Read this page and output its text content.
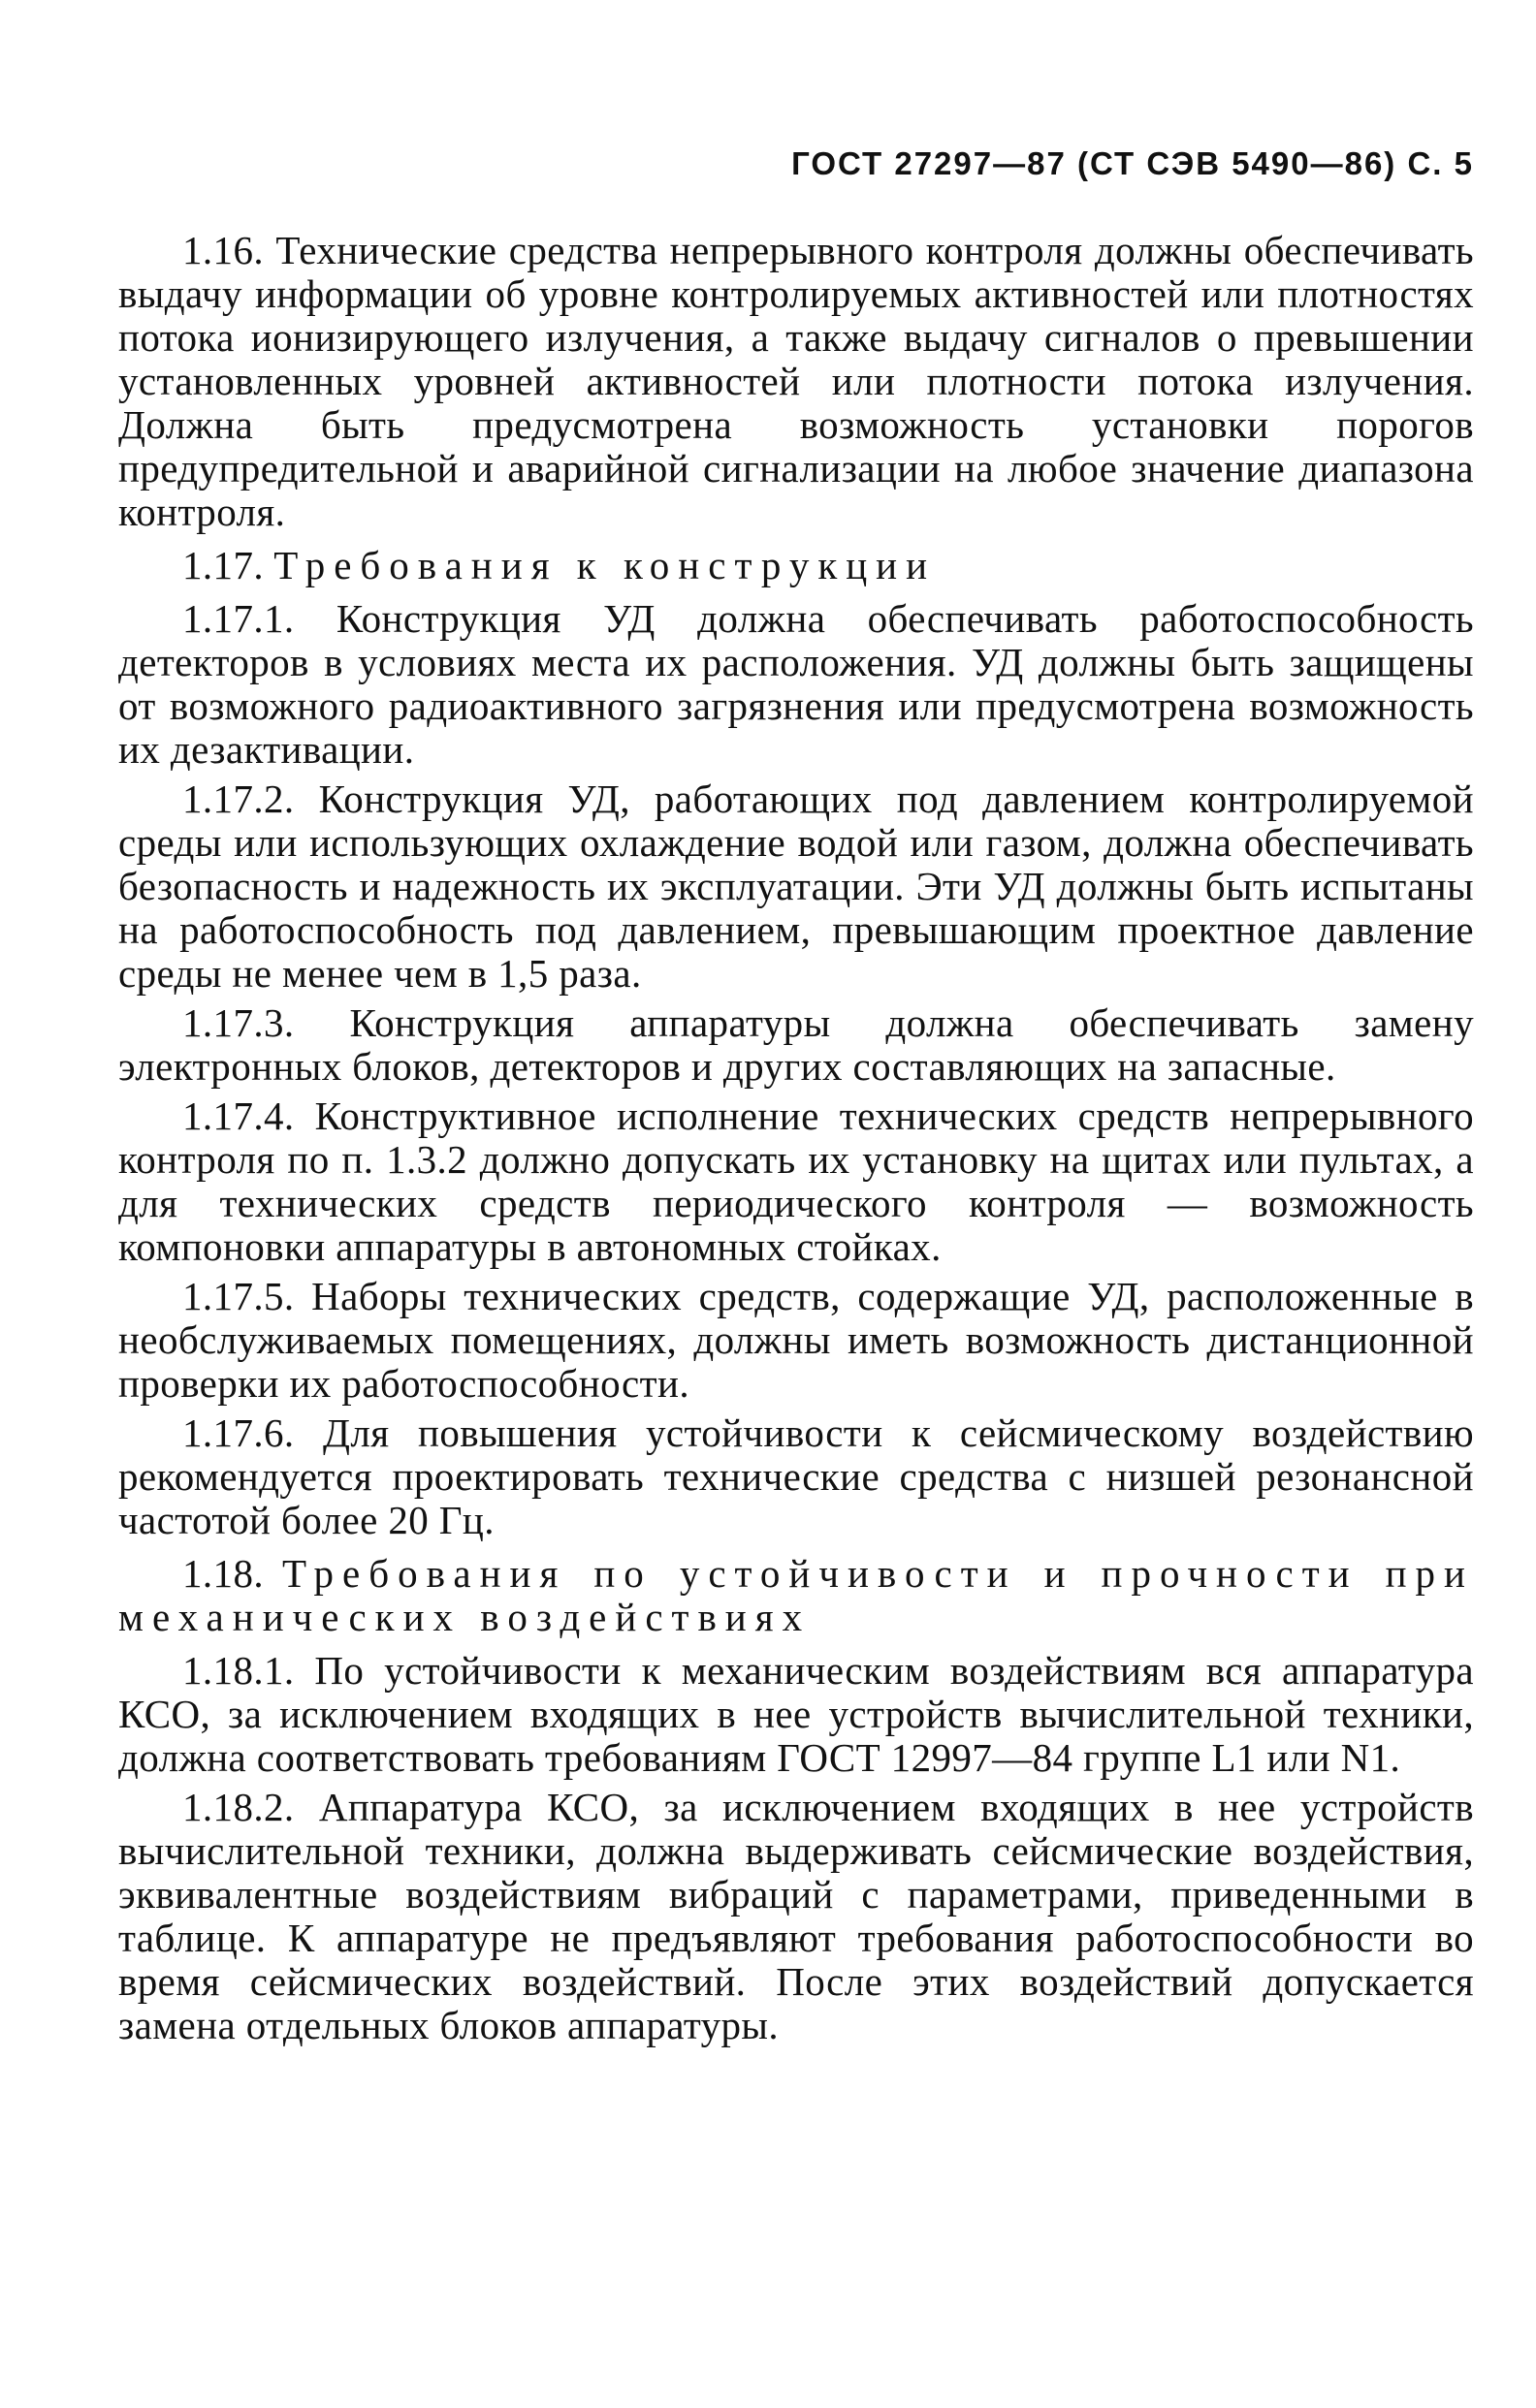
ГОСТ 27297—87 (СТ СЭВ 5490—86) С. 5

1.16. Технические средства непрерывного контроля должны обеспечивать выдачу информации об уровне контролируемых активностей или плотностях потока ионизирующего излучения, а также выдачу сигналов о превышении установленных уровней активностей или плотности потока излучения. Должна быть предусмотрена возможность установки порогов предупредительной и аварийной сигнализации на любое значение диапазона контроля.

1.17. Требования к конструкции

1.17.1. Конструкция УД должна обеспечивать работоспособность детекторов в условиях места их расположения. УД должны быть защищены от возможного радиоактивного загрязнения или предусмотрена возможность их дезактивации.

1.17.2. Конструкция УД, работающих под давлением контролируемой среды или использующих охлаждение водой или газом, должна обеспечивать безопасность и надежность их эксплуатации. Эти УД должны быть испытаны на работоспособность под давлением, превышающим проектное давление среды не менее чем в 1,5 раза.

1.17.3. Конструкция аппаратуры должна обеспечивать замену электронных блоков, детекторов и других составляющих на запасные.

1.17.4. Конструктивное исполнение технических средств непрерывного контроля по п. 1.3.2 должно допускать их установку на щитах или пультах, а для технических средств периодического контроля — возможность компоновки аппаратуры в автономных стойках.

1.17.5. Наборы технических средств, содержащие УД, расположенные в необслуживаемых помещениях, должны иметь возможность дистанционной проверки их работоспособности.

1.17.6. Для повышения устойчивости к сейсмическому воздействию рекомендуется проектировать технические средства с низшей резонансной частотой более 20 Гц.

1.18. Требования по устойчивости и прочности при механических воздействиях

1.18.1. По устойчивости к механическим воздействиям вся аппаратура КСО, за исключением входящих в нее устройств вычислительной техники, должна соответствовать требованиям ГОСТ 12997—84 группе L1 или N1.

1.18.2. Аппаратура КСО, за исключением входящих в нее устройств вычислительной техники, должна выдерживать сейсмические воздействия, эквивалентные воздействиям вибраций с параметрами, приведенными в таблице. К аппаратуре не предъявляют требования работоспособности во время сейсмических воздействий. После этих воздействий допускается замена отдельных блоков аппаратуры.
